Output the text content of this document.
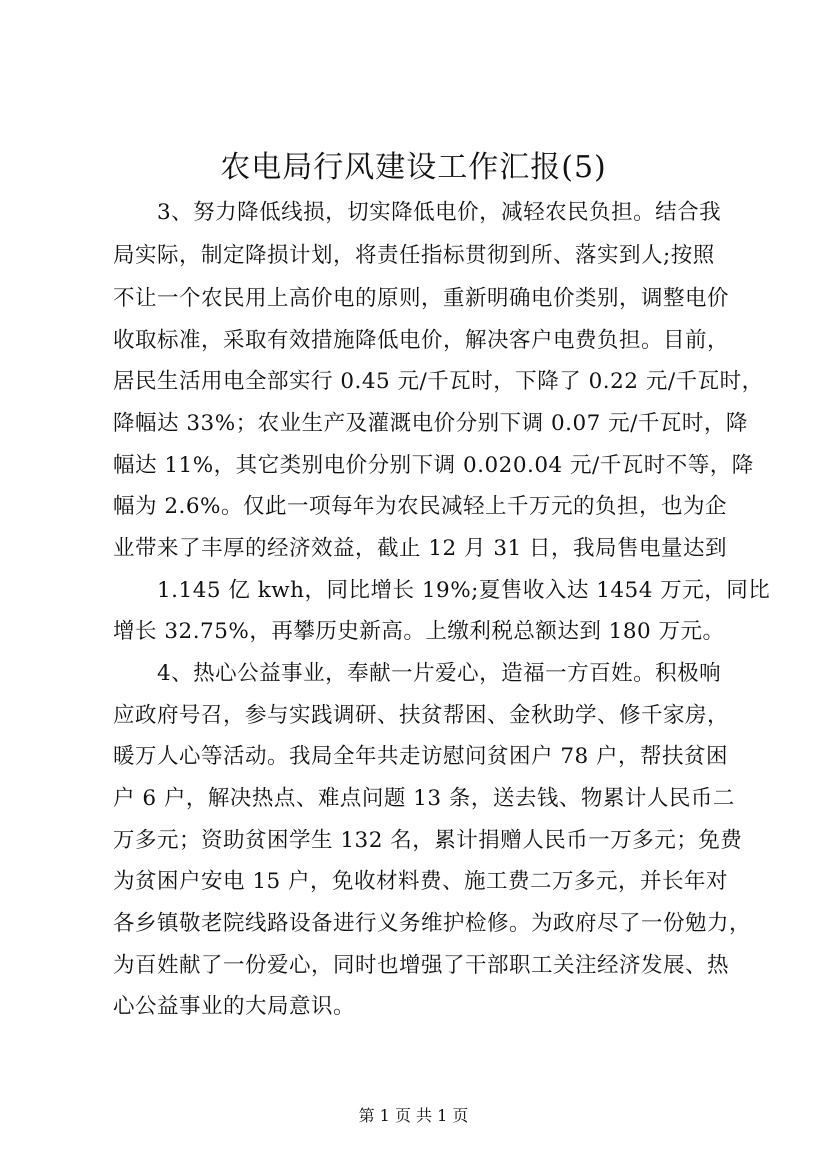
农电局行风建设工作汇报(5)
3、努力降低线损，切实降低电价，减轻农民负担。结合我
局实际，制定降损计划，将责任指标贯彻到所、落实到人;按照
不让一个农民用上高价电的原则，重新明确电价类别，调整电价
收取标准，采取有效措施降低电价，解决客户电费负担。目前，
居民生活用电全部实行 0.45 元/千瓦时，下降了 0.22 元/千瓦时，
降幅达 33%；农业生产及灌溉电价分别下调 0.07 元/千瓦时，降
幅达 11%，其它类别电价分别下调 0.020.04 元/千瓦时不等，降
幅为 2.6%。仅此一项每年为农民减轻上千万元的负担，也为企
业带来了丰厚的经济效益，截止 12 月 31 日，我局售电量达到
1.145 亿 kwh，同比增长 19%;夏售收入达 1454 万元，同比
增长 32.75%，再攀历史新高。上缴利税总额达到 180 万元。
4、热心公益事业，奉献一片爱心，造福一方百姓。积极响
应政府号召，参与实践调研、扶贫帮困、金秋助学、修千家房，
暖万人心等活动。我局全年共走访慰问贫困户 78 户，帮扶贫困
户 6 户，解决热点、难点问题 13 条，送去钱、物累计人民币二
万多元；资助贫困学生 132 名，累计捐赠人民币一万多元；免费
为贫困户安电 15 户，免收材料费、施工费二万多元，并长年对
各乡镇敬老院线路设备进行义务维护检修。为政府尽了一份勉力，
为百姓献了一份爱心，同时也增强了干部职工关注经济发展、热
心公益事业的大局意识。
第 1 页 共 1 页
